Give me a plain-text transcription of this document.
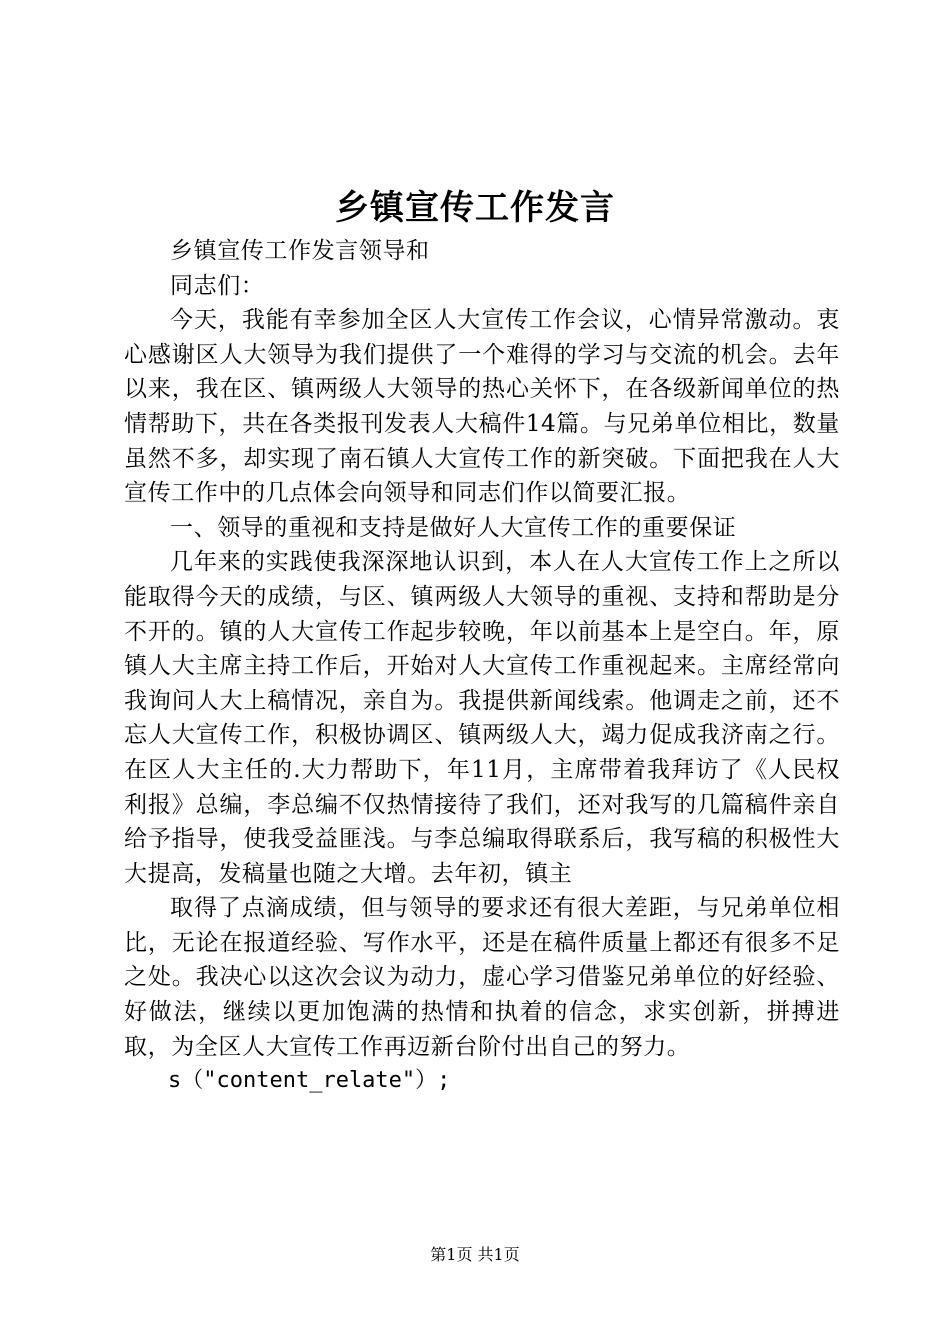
乡镇宣传工作发言

乡镇宣传工作发言领导和

同志们：

今天，我能有幸参加全区人大宣传工作会议，心情异常激动。衷心感谢区人大领导为我们提供了一个难得的学习与交流的机会。去年以来，我在区、镇两级人大领导的热心关怀下，在各级新闻单位的热情帮助下，共在各类报刊发表人大稿件14篇。与兄弟单位相比，数量虽然不多，却实现了南石镇人大宣传工作的新突破。下面把我在人大宣传工作中的几点体会向领导和同志们作以简要汇报。

一、领导的重视和支持是做好人大宣传工作的重要保证

几年来的实践使我深深地认识到，本人在人大宣传工作上之所以能取得今天的成绩，与区、镇两级人大领导的重视、支持和帮助是分不开的。镇的人大宣传工作起步较晚，年以前基本上是空白。年，原镇人大主席主持工作后，开始对人大宣传工作重视起来。主席经常向我询问人大上稿情况，亲自为。我提供新闻线索。他调走之前，还不忘人大宣传工作，积极协调区、镇两级人大，竭力促成我济南之行。在区人大主任的.大力帮助下，年11月，主席带着我拜访了《人民权利报》总编，李总编不仅热情接待了我们，还对我写的几篇稿件亲自给予指导，使我受益匪浅。与李总编取得联系后，我写稿的积极性大大提高，发稿量也随之大增。去年初，镇主

取得了点滴成绩，但与领导的要求还有很大差距，与兄弟单位相比，无论在报道经验、写作水平，还是在稿件质量上都还有很多不足之处。我决心以这次会议为动力，虚心学习借鉴兄弟单位的好经验、好做法，继续以更加饱满的热情和执着的信念，求实创新，拼搏进取，为全区人大宣传工作再迈新台阶付出自己的努力。

s（"content_relate"）;

第1页 共1页
